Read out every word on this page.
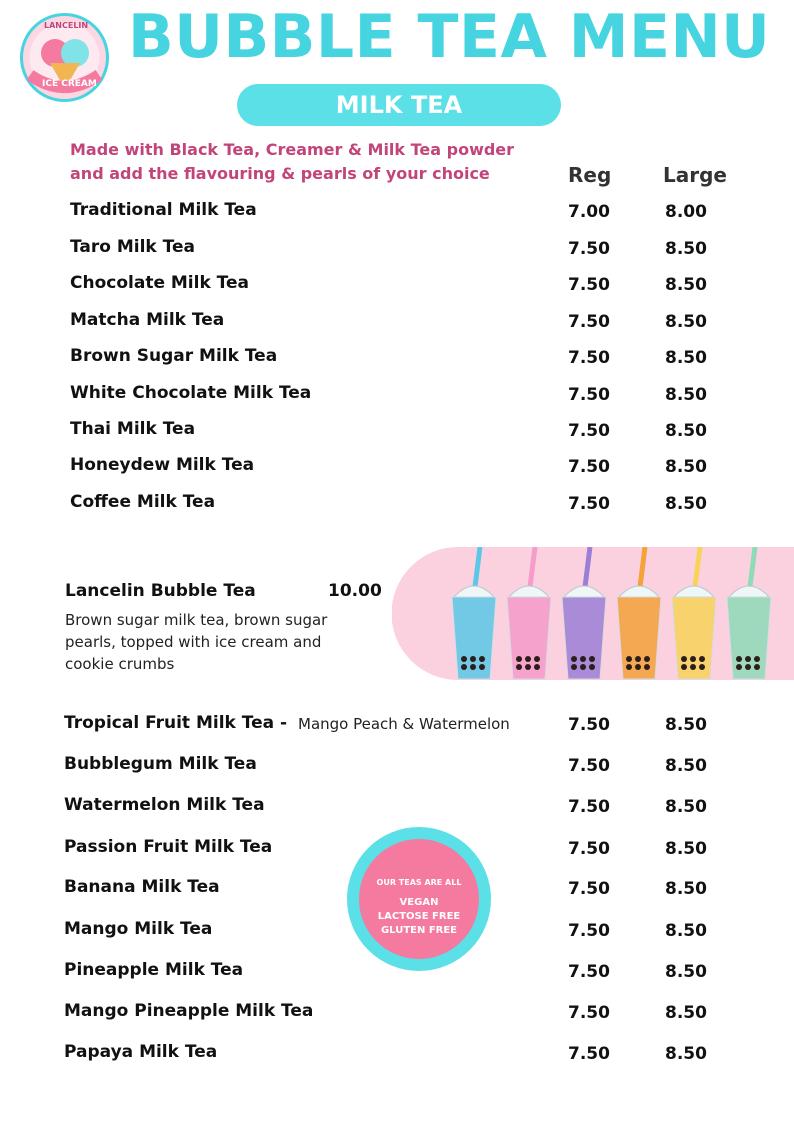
LANCELIN
ICE CREAM
BUBBLE TEA MENU
MILK TEA
Made with Black Tea, Creamer & Milk Tea powder
and add the flavouring & pearls of your choice	Reg	Large
Traditional Milk Tea	7.00	8.00
Taro Milk Tea	7.50	8.50
Chocolate Milk Tea	7.50	8.50
Matcha Milk Tea	7.50	8.50
Brown Sugar Milk Tea	7.50	8.50
White Chocolate Milk Tea	7.50	8.50
Thai Milk Tea	7.50	8.50
Honeydew Milk Tea	7.50	8.50
Coffee Milk Tea	7.50	8.50
Lancelin Bubble Tea	10.00
Brown sugar milk tea, brown sugar pearls, topped with ice cream and cookie crumbs
Tropical Fruit Milk Tea - Mango Peach & Watermelon	7.50	8.50
Bubblegum Milk Tea	7.50	8.50
Watermelon Milk Tea	7.50	8.50
Passion Fruit Milk Tea	7.50	8.50
Banana Milk Tea	7.50	8.50
Mango Milk Tea	7.50	8.50
Pineapple Milk Tea	7.50	8.50
Mango Pineapple Milk Tea	7.50	8.50
Papaya Milk Tea	7.50	8.50
OUR TEAS ARE ALL
VEGAN
LACTOSE FREE
GLUTEN FREE
